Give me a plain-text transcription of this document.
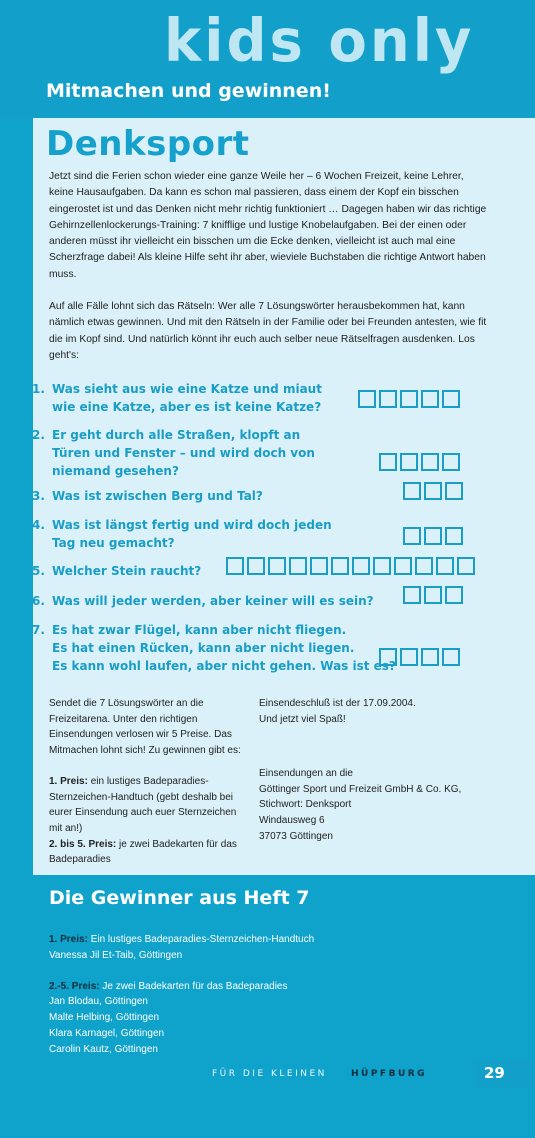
kids only
Mitmachen und gewinnen!
Denksport

Jetzt sind die Ferien schon wieder eine ganze Weile her – 6 Wochen Freizeit, keine Lehrer, keine Hausaufgaben. Da kann es schon mal passieren, dass einem der Kopf ein bisschen eingerostet ist und das Denken nicht mehr richtig funktioniert … Dagegen haben wir das richtige Gehirnzellenlockerungs-Training: 7 knifflige und lustige Knobelaufgaben. Bei der einen oder anderen müsst ihr vielleicht ein bisschen um die Ecke denken, vielleicht ist auch mal eine Scherzfrage dabei! Als kleine Hilfe seht ihr aber, wieviele Buchstaben die richtige Antwort haben muss.

Auf alle Fälle lohnt sich das Rätseln: Wer alle 7 Lösungswörter herausbekommen hat, kann nämlich etwas gewinnen. Und mit den Rätseln in der Familie oder bei Freunden antesten, wie fit die im Kopf sind. Und natürlich könnt ihr euch auch selber neue Rätselfragen ausdenken. Los geht's:

1. Was sieht aus wie eine Katze und miaut
wie eine Katze, aber es ist keine Katze?
2. Er geht durch alle Straßen, klopft an
Türen und Fenster – und wird doch von
niemand gesehen?
3. Was ist zwischen Berg und Tal?
4. Was ist längst fertig und wird doch jeden
Tag neu gemacht?
5. Welcher Stein raucht?
6. Was will jeder werden, aber keiner will es sein?
7. Es hat zwar Flügel, kann aber nicht fliegen.
Es hat einen Rücken, kann aber nicht liegen.
Es kann wohl laufen, aber nicht gehen. Was ist es?

Sendet die 7 Lösungswörter an die Freizeitarena. Unter den richtigen Einsendungen verlosen wir 5 Preise. Das Mitmachen lohnt sich! Zu gewinnen gibt es:

1. Preis: ein lustiges Badeparadies-Sternzeichen-Handtuch (gebt deshalb bei eurer Einsendung auch euer Sternzeichen mit an!)
2. bis 5. Preis: je zwei Badekarten für das Badeparadies
Einsendeschluß ist der 17.09.2004.
Und jetzt viel Spaß!
Einsendungen an die
Göttinger Sport und Freizeit GmbH & Co. KG,
Stichwort: Denksport
Windausweg 6
37073 Göttingen
Die Gewinner aus Heft 7

1. Preis: Ein lustiges Badeparadies-Sternzeichen-Handtuch
Vanessa Jil Et-Taib, Göttingen

2.-5. Preis: Je zwei Badekarten für das Badeparadies
Jan Blodau, Göttingen
Malte Helbing, Göttingen
Klara Karnagel, Göttingen
Carolin Kautz, Göttingen

FÜR DIE KLEINEN	HÜPFBURG	29
